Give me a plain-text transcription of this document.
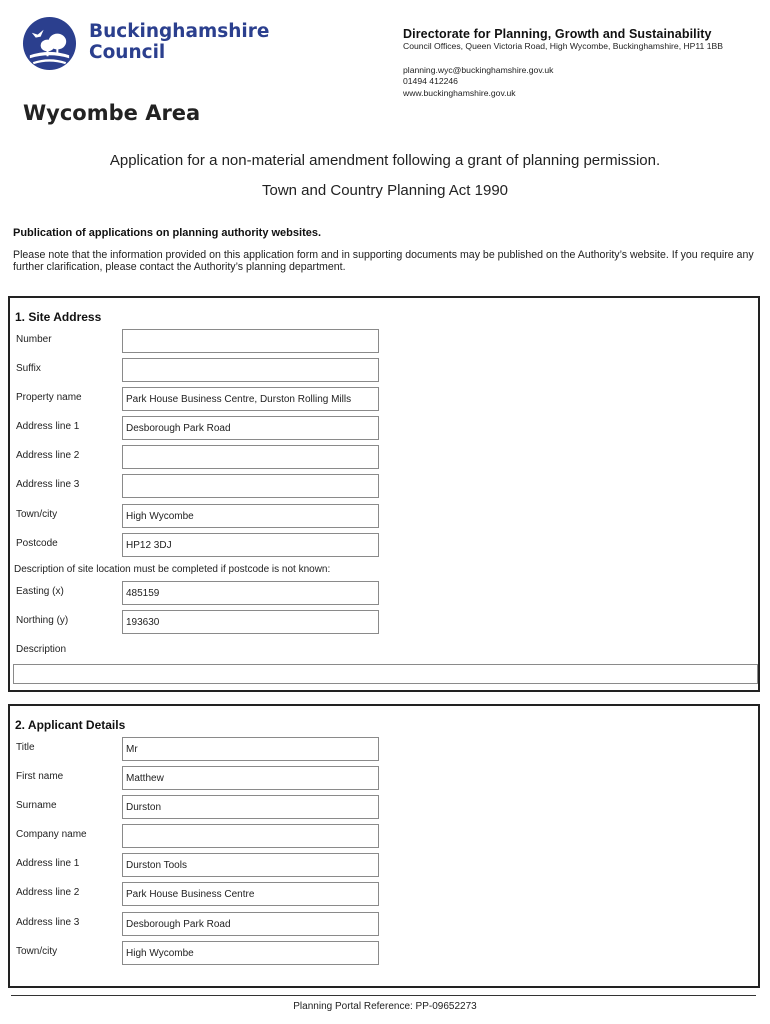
Buckinghamshire
Council
Directorate for Planning, Growth and Sustainability
Council Offices, Queen Victoria Road, High Wycombe, Buckinghamshire, HP11 1BB
planning.wyc@buckinghamshire.gov.uk
01494 412246
www.buckinghamshire.gov.uk
Wycombe Area
Application for a non-material amendment following a grant of planning permission.
Town and Country Planning Act 1990
Publication of applications on planning authority websites.
Please note that the information provided on this application form and in supporting documents may be published on the Authority’s website. If you require any further clarification, please contact the Authority’s planning department.
1. Site Address
Number
Suffix
Property name
Park House Business Centre, Durston Rolling Mills
Address line 1
Desborough Park Road
Address line 2
Address line 3
Town/city
High Wycombe
Postcode
HP12 3DJ
Description of site location must be completed if postcode is not known:
Easting (x)
485159
Northing (y)
193630
Description
2. Applicant Details
Title
Mr
First name
Matthew
Surname
Durston
Company name
Address line 1
Durston Tools
Address line 2
Park House Business Centre
Address line 3
Desborough Park Road
Town/city
High Wycombe
Planning Portal Reference: PP-09652273
